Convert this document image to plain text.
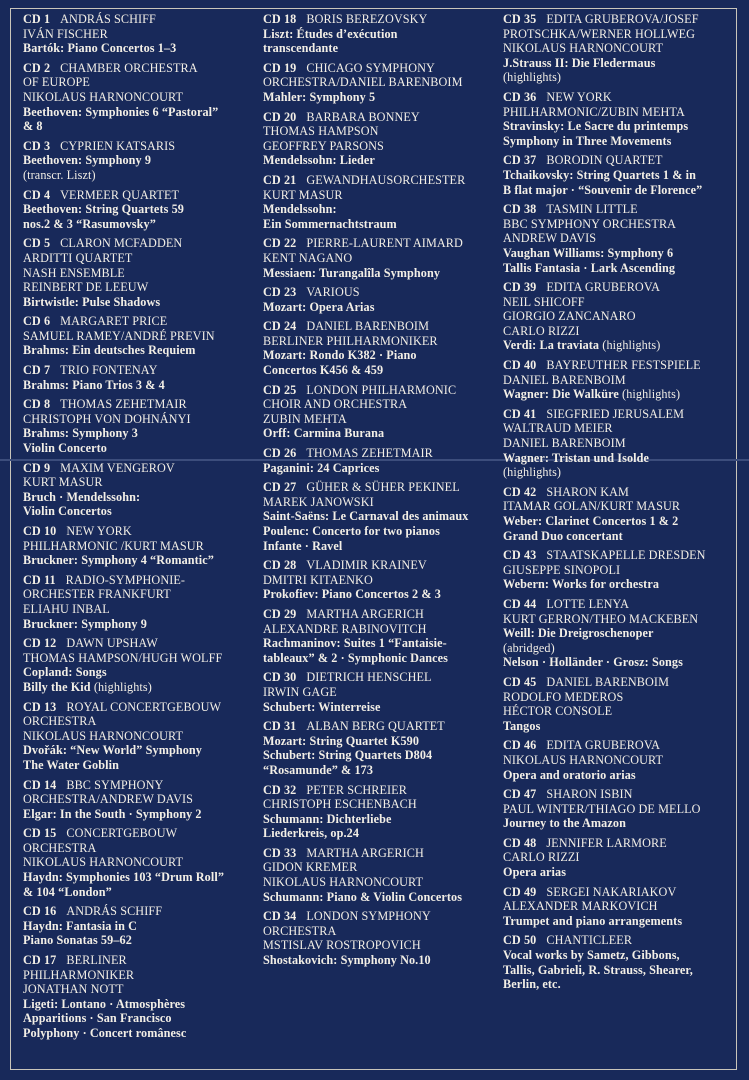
CD 1 ANDRÁS SCHIFF
IVÁN FISCHER
Bartók: Piano Concertos 1–3
CD 2 CHAMBER ORCHESTRA
OF EUROPE
NIKOLAUS HARNONCOURT
Beethoven: Symphonies 6 “Pastoral”
& 8
CD 3 CYPRIEN KATSARIS
Beethoven: Symphony 9
(transcr. Liszt)
CD 4 VERMEER QUARTET
Beethoven: String Quartets 59
nos.2 & 3 “Rasumovsky”
CD 5 CLARON MCFADDEN
ARDITTI QUARTET
NASH ENSEMBLE
REINBERT DE LEEUW
Birtwistle: Pulse Shadows
CD 6 MARGARET PRICE
SAMUEL RAMEY/ANDRÉ PREVIN
Brahms: Ein deutsches Requiem
CD 7 TRIO FONTENAY
Brahms: Piano Trios 3 & 4
CD 8 THOMAS ZEHETMAIR
CHRISTOPH VON DOHNÁNYI
Brahms: Symphony 3
Violin Concerto
CD 9 MAXIM VENGEROV
KURT MASUR
Bruch · Mendelssohn:
Violin Concertos
CD 10 NEW YORK
PHILHARMONIC /KURT MASUR
Bruckner: Symphony 4 “Romantic”
CD 11 RADIO-SYMPHONIE-
ORCHESTER FRANKFURT
ELIAHU INBAL
Bruckner: Symphony 9
CD 12 DAWN UPSHAW
THOMAS HAMPSON/HUGH WOLFF
Copland: Songs
Billy the Kid (highlights)
CD 13 ROYAL CONCERTGEBOUW
ORCHESTRA
NIKOLAUS HARNONCOURT
Dvořák: “New World” Symphony
The Water Goblin
CD 14 BBC SYMPHONY
ORCHESTRA/ANDREW DAVIS
Elgar: In the South · Symphony 2
CD 15 CONCERTGEBOUW
ORCHESTRA
NIKOLAUS HARNONCOURT
Haydn: Symphonies 103 “Drum Roll”
& 104 “London”
CD 16 ANDRÁS SCHIFF
Haydn: Fantasia in C
Piano Sonatas 59–62
CD 17 BERLINER
PHILHARMONIKER
JONATHAN NOTT
Ligeti: Lontano · Atmosphères
Apparitions · San Francisco
Polyphony · Concert românesc
CD 18 BORIS BEREZOVSKY
Liszt: Études d’exécution
transcendante
CD 19 CHICAGO SYMPHONY
ORCHESTRA/DANIEL BARENBOIM
Mahler: Symphony 5
CD 20 BARBARA BONNEY
THOMAS HAMPSON
GEOFFREY PARSONS
Mendelssohn: Lieder
CD 21 GEWANDHAUSORCHESTER
KURT MASUR
Mendelssohn:
Ein Sommernachtstraum
CD 22 PIERRE-LAURENT AIMARD
KENT NAGANO
Messiaen: Turangalîla Symphony
CD 23 VARIOUS
Mozart: Opera Arias
CD 24 DANIEL BARENBOIM
BERLINER PHILHARMONIKER
Mozart: Rondo K382 · Piano
Concertos K456 & 459
CD 25 LONDON PHILHARMONIC
CHOIR AND ORCHESTRA
ZUBIN MEHTA
Orff: Carmina Burana
CD 26 THOMAS ZEHETMAIR
Paganini: 24 Caprices
CD 27 GÜHER & SÜHER PEKINEL
MAREK JANOWSKI
Saint-Saëns: Le Carnaval des animaux
Poulenc: Concerto for two pianos
Infante · Ravel
CD 28 VLADIMIR KRAINEV
DMITRI KITAENKO
Prokofiev: Piano Concertos 2 & 3
CD 29 MARTHA ARGERICH
ALEXANDRE RABINOVITCH
Rachmaninov: Suites 1 “Fantaisie-
tableaux” & 2 · Symphonic Dances
CD 30 DIETRICH HENSCHEL
IRWIN GAGE
Schubert: Winterreise
CD 31 ALBAN BERG QUARTET
Mozart: String Quartet K590
Schubert: String Quartets D804
“Rosamunde” & 173
CD 32 PETER SCHREIER
CHRISTOPH ESCHENBACH
Schumann: Dichterliebe
Liederkreis, op.24
CD 33 MARTHA ARGERICH
GIDON KREMER
NIKOLAUS HARNONCOURT
Schumann: Piano & Violin Concertos
CD 34 LONDON SYMPHONY
ORCHESTRA
MSTISLAV ROSTROPOVICH
Shostakovich: Symphony No.10
CD 35 EDITA GRUBEROVA/JOSEF
PROTSCHKA/WERNER HOLLWEG
NIKOLAUS HARNONCOURT
J.Strauss II: Die Fledermaus
(highlights)
CD 36 NEW YORK
PHILHARMONIC/ZUBIN MEHTA
Stravinsky: Le Sacre du printemps
Symphony in Three Movements
CD 37 BORODIN QUARTET
Tchaikovsky: String Quartets 1 & in
B flat major · “Souvenir de Florence”
CD 38 TASMIN LITTLE
BBC SYMPHONY ORCHESTRA
ANDREW DAVIS
Vaughan Williams: Symphony 6
Tallis Fantasia · Lark Ascending
CD 39 EDITA GRUBEROVA
NEIL SHICOFF
GIORGIO ZANCANARO
CARLO RIZZI
Verdi: La traviata (highlights)
CD 40 BAYREUTHER FESTSPIELE
DANIEL BARENBOIM
Wagner: Die Walküre (highlights)
CD 41 SIEGFRIED JERUSALEM
WALTRAUD MEIER
DANIEL BARENBOIM
Wagner: Tristan und Isolde
(highlights)
CD 42 SHARON KAM
ITAMAR GOLAN/KURT MASUR
Weber: Clarinet Concertos 1 & 2
Grand Duo concertant
CD 43 STAATSKAPELLE DRESDEN
GIUSEPPE SINOPOLI
Webern: Works for orchestra
CD 44 LOTTE LENYA
KURT GERRON/THEO MACKEBEN
Weill: Die Dreigroschenoper
(abridged)
Nelson · Holländer · Grosz: Songs
CD 45 DANIEL BARENBOIM
RODOLFO MEDEROS
HÉCTOR CONSOLE
Tangos
CD 46 EDITA GRUBEROVA
NIKOLAUS HARNONCOURT
Opera and oratorio arias
CD 47 SHARON ISBIN
PAUL WINTER/THIAGO DE MELLO
Journey to the Amazon
CD 48 JENNIFER LARMORE
CARLO RIZZI
Opera arias
CD 49 SERGEI NAKARIAKOV
ALEXANDER MARKOVICH
Trumpet and piano arrangements
CD 50 CHANTICLEER
Vocal works by Sametz, Gibbons,
Tallis, Gabrieli, R. Strauss, Shearer,
Berlin, etc.
